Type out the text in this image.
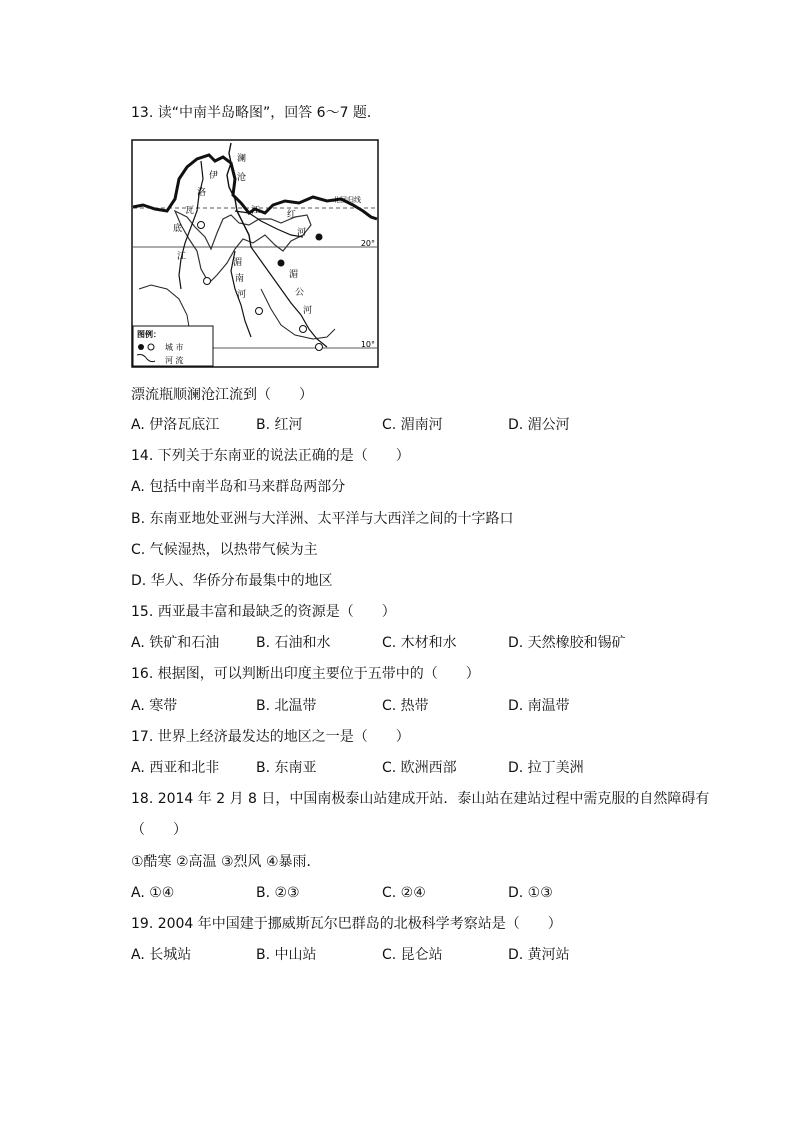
13. 读“中南半岛略图”，回答 6～7 题．
澜
沧
江
伊
洛
瓦
底
江
北回归线
红
河
20°
10°
湄
南
河
湄
公
河
图例：
城 市
河 流
漂流瓶顺澜沧江流到（　　）
A. 伊洛瓦底江	B. 红河	C. 湄南河	D. 湄公河
14. 下列关于东南亚的说法正确的是（　　）
A. 包括中南半岛和马来群岛两部分
B. 东南亚地处亚洲与大洋洲、太平洋与大西洋之间的十字路口
C. 气候湿热，以热带气候为主
D. 华人、华侨分布最集中的地区
15. 西亚最丰富和最缺乏的资源是（　　）
A. 铁矿和石油	B. 石油和水	C. 木材和水	D. 天然橡胶和锡矿
16. 根据图，可以判断出印度主要位于五带中的（　　）
A. 寒带	B. 北温带	C. 热带	D. 南温带
17. 世界上经济最发达的地区之一是（　　）
A. 西亚和北非	B. 东南亚	C. 欧洲西部	D. 拉丁美洲
18. 2014 年 2 月 8 日，中国南极泰山站建成开站．泰山站在建站过程中需克服的自然障碍有
（　　）
①酷寒 ②高温 ③烈风 ④暴雨．
A. ①④	B. ②③	C. ②④	D. ①③
19. 2004 年中国建于挪威斯瓦尔巴群岛的北极科学考察站是（　　）
A. 长城站	B. 中山站	C. 昆仑站	D. 黄河站
